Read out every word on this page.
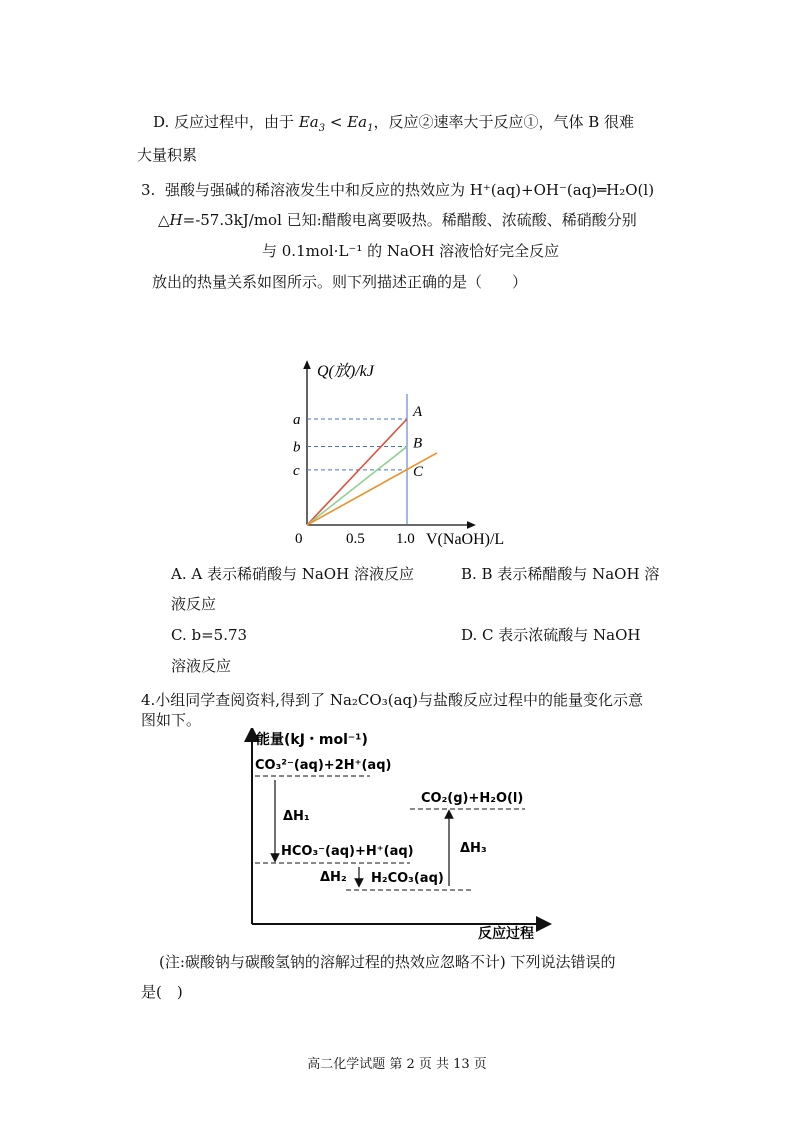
D. 反应过程中，由于 $Ea_3 < Ea_1$，反应②速率大于反应①，气体 B 很难
大量积累
3. 强酸与强碱的稀溶液发生中和反应的热效应为 H⁺(aq)+OH⁻(aq)═H₂O(l)
△H=-57.3kJ/mol 已知:醋酸电离要吸热。稀醋酸、浓硫酸、稀硝酸分别
与 0.1mol·L⁻¹ 的 NaOH 溶液恰好完全反应
放出的热量关系如图所示。则下列描述正确的是（　　）
a
b
c
A
B
C
0	0.5 1.0
Q(放)/kJ
V(NaOH)/L
A. A 表示稀硝酸与 NaOH 溶液反应	B. B 表示稀醋酸与 NaOH 溶
液反应
C. b=5.73	D. C 表示浓硫酸与 NaOH
溶液反应
4.小组同学查阅资料,得到了 Na₂CO₃(aq)与盐酸反应过程中的能量变化示意
图如下。
能量(kJ・mol⁻¹)
反应过程
CO₃²⁻(aq)+2H⁺(aq)
ΔH₁
HCO₃⁻(aq)+H⁺(aq)
ΔH₂ H₂CO₃(aq)
CO₂(g)+H₂O(l)
ΔH₃
(注:碳酸钠与碳酸氢钠的溶解过程的热效应忽略不计) 下列说法错误的
是(　)
高二化学试题 第 2 页 共 13 页
